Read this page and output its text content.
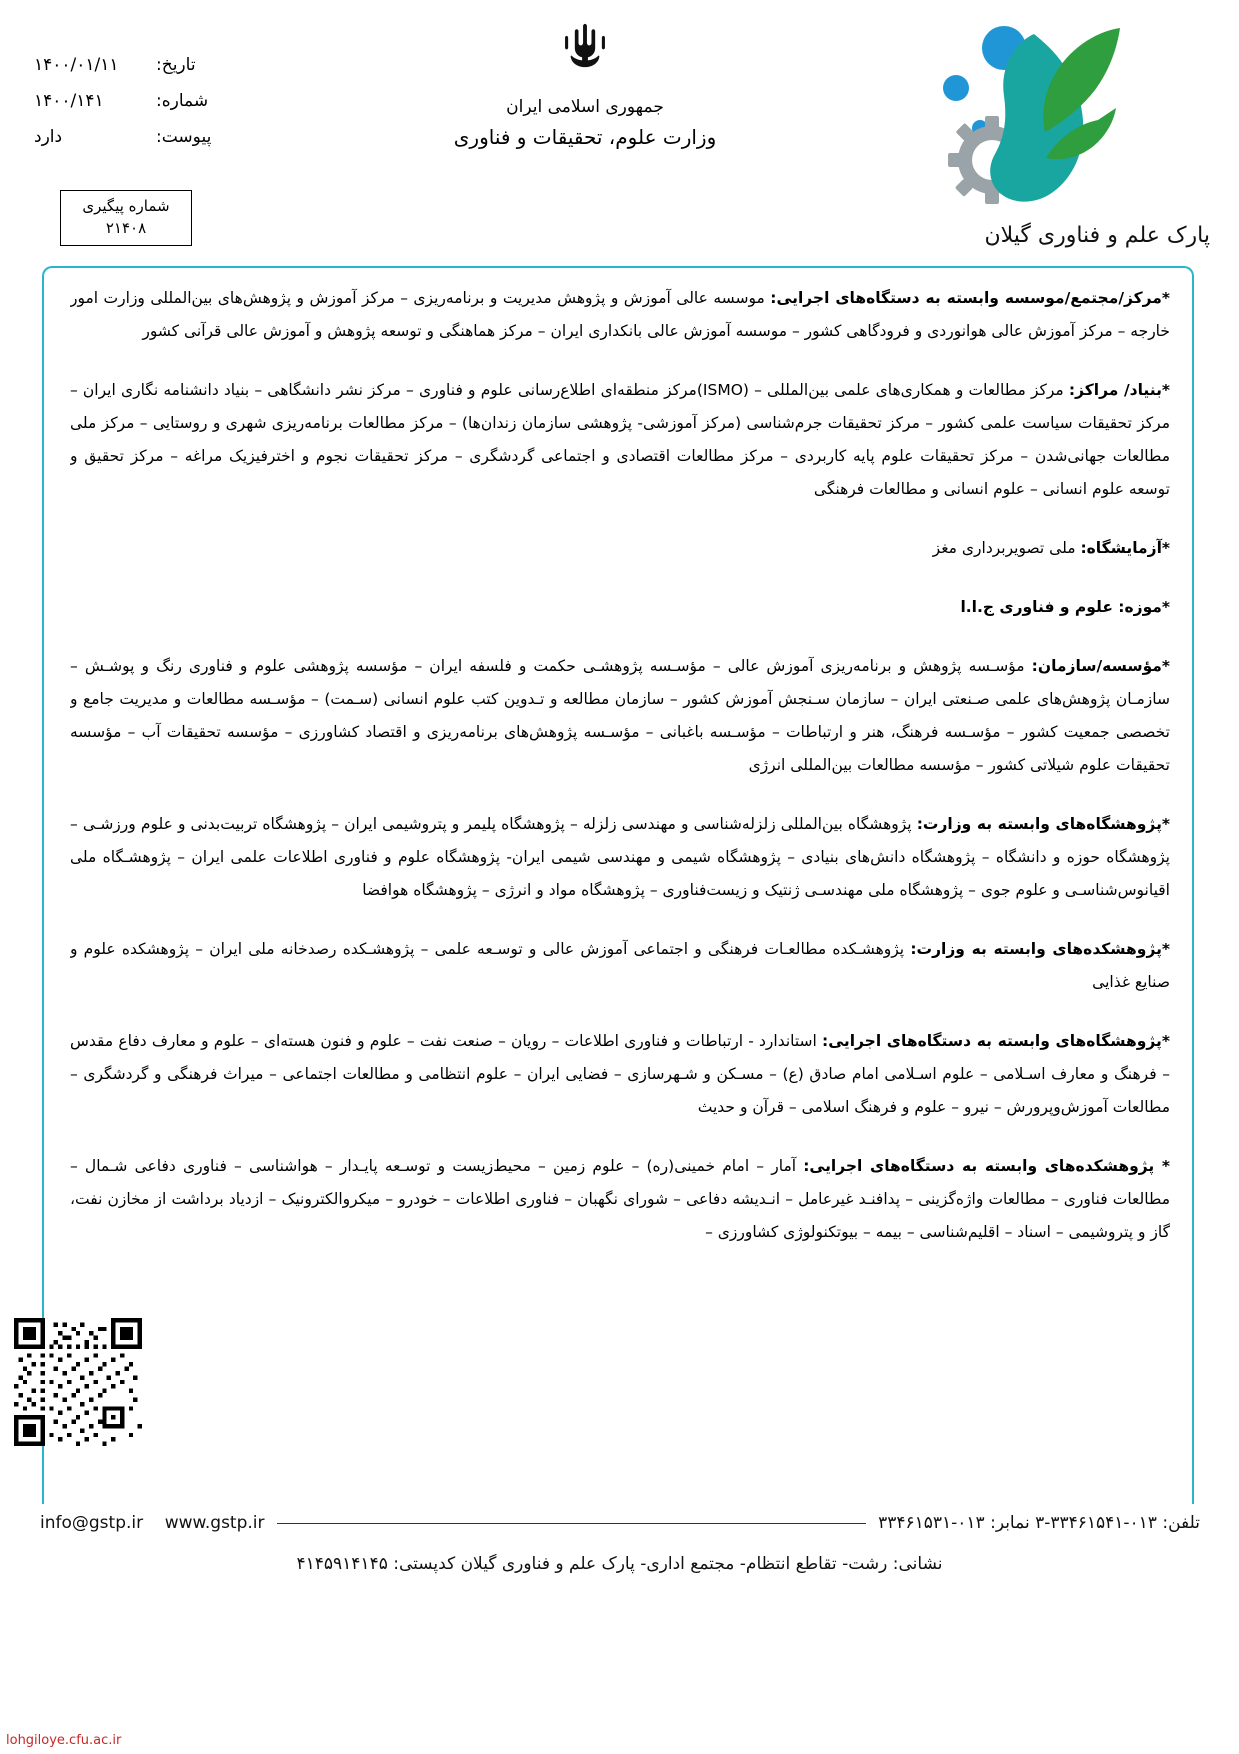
جمهوری اسلامی ایران
وزارت علوم، تحقیقات و فناوری
تاریخ:
۱۴۰۰/۰۱/۱۱
شماره:
۱۴۰۰/۱۴۱
پیوست:
دارد
شماره پیگیری
۲۱۴۰۸	پارک علم و فناوری گیلان

*مرکز/مجتمع/موسسه وابسته به دستگاه‌های اجرایی: موسسه عالی آموزش و پژوهش مدیریت و برنامه‌ریزی – مرکز آموزش و پژوهش‌های بین‌المللی وزارت امور خارجه – مرکز آموزش عالی هوانوردی و فرودگاهی کشور – موسسه آموزش عالی بانکداری ایران – مرکز هماهنگی و توسعه پژوهش و آموزش عالی قرآنی کشور

*بنیاد/ مراکز: مرکز مطالعات و همکاری‌های علمی بین‌المللی – (ISMO)مرکز منطقه‌ای اطلاع‌رسانی علوم و فناوری – مرکز نشر دانشگاهی – بنیاد دانشنامه نگاری ایران – مرکز تحقیقات سیاست علمی کشور – مرکز تحقیقات جرم‌شناسی (مرکز آموزشی- پژوهشی سازمان زندان‌ها) – مرکز مطالعات برنامه‌ریزی شهری و روستایی – مرکز ملی مطالعات جهانی‌شدن – مرکز تحقیقات علوم پایه کاربردی – مرکز مطالعات اقتصادی و اجتماعی گردشگری – مرکز تحقیقات نجوم و اخترفیزیک مراغه – مرکز تحقیق و توسعه علوم انسانی – علوم انسانی و مطالعات فرهنگی

*آزمایشگاه: ملی تصویربرداری مغز

*موزه: علوم و فناوری ج.ا.ا

*مؤسسه/سازمان: مؤسـسه پژوهش و برنامه‌ریزی آموزش عالی – مؤسـسه پژوهشـی حکمت و فلسفه ایران – مؤسسه پژوهشی علوم و فناوری رنگ و پوشـش – سازمـان پژوهش‌های علمی صـنعتی ایران – سازمان سـنجش آموزش کشور – سازمان مطالعه و تـدوین کتب علوم انسانی (سـمت) – مؤسـسه مطالعات و مدیریت جامع و تخصصی جمعیت کشور – مؤسـسه فرهنگ، هنر و ارتباطات – مؤسـسه باغبانی – مؤسـسه پژوهش‌های برنامه‌ریزی و اقتصاد کشاورزی – مؤسسه تحقیقات آب – مؤسسه تحقیقات علوم شیلاتی کشور – مؤسسه مطالعات بین‌المللی انرژی

*پژوهشگاه‌های وابسته به وزارت: پژوهشگاه بین‌المللی زلزله‌شناسی و مهندسی زلزله – پژوهشگاه پلیمر و پتروشیمی ایران – پژوهشگاه تربیت‌بدنی و علوم ورزشـی – پژوهشگاه حوزه و دانشگاه – پژوهشگاه دانش‌های بنیادی – پژوهشگاه شیمی و مهندسی شیمی ایران- پژوهشگاه علوم و فناوری اطلاعات علمی ایران – پژوهشـگاه ملی اقیانوس‌شناسـی و علوم جوی – پژوهشگاه ملی مهندسـی ژنتیک و زیست‌فناوری – پژوهشگاه مواد و انرژی – پژوهشگاه هوافضا

*پژوهشکده‌های وابسته به وزارت: پژوهشـکده مطالعـات فرهنگی و اجتماعی آموزش عالی و توسـعه علمی – پژوهشـکده رصدخانه ملی ایران – پژوهشکده علوم و صنایع غذایی

*پژوهشگاه‌های وابسته به دستگاه‌های اجرایی: استاندارد - ارتباطات و فناوری اطلاعات – رویان – صنعت نفت – علوم و فنون هسته‌ای – علوم و معارف دفاع مقدس – فرهنگ و معارف اسـلامی – علوم اسـلامی امام صادق (ع) – مسـکن و شـهرسازی – فضایی ایران – علوم انتظامی و مطالعات اجتماعی – میراث فرهنگی و گردشگری – مطالعات آموزش‌وپرورش – نیرو – علوم و فرهنگ اسلامی – قرآن و حدیث

* پژوهشکده‌های وابسته به دستگاه‌های اجرایی: آمار – امام خمینی(ره) – علوم زمین – محیط‌زیست و توسـعه پایـدار – هواشناسی – فناوری دفاعی شـمال – مطالعات فناوری – مطالعات واژه‌گزینی – پدافنـد غیرعامل – انـدیشه دفاعی – شورای نگهبان – فناوری اطلاعات – خودرو – میکروالکترونیک – ازدیاد برداشت از مخازن نفت، گاز و پتروشیمی – اسناد – اقلیم‌شناسی – بیمه – بیوتکنولوژی کشاورزی –

تلفن: ۰۱۳-۳۳۴۶۱۵۴۱-۳ نمابر: ۰۱۳-۳۳۴۶۱۵۳۱
info@gstp.ir www.gstp.ir
نشانی: رشت- تقاطع انتظام- مجتمع اداری- پارک علم و فناوری گیلان کدپستی: ۴۱۴۵۹۱۴۱۴۵
lohgiloye.cfu.ac.ir
